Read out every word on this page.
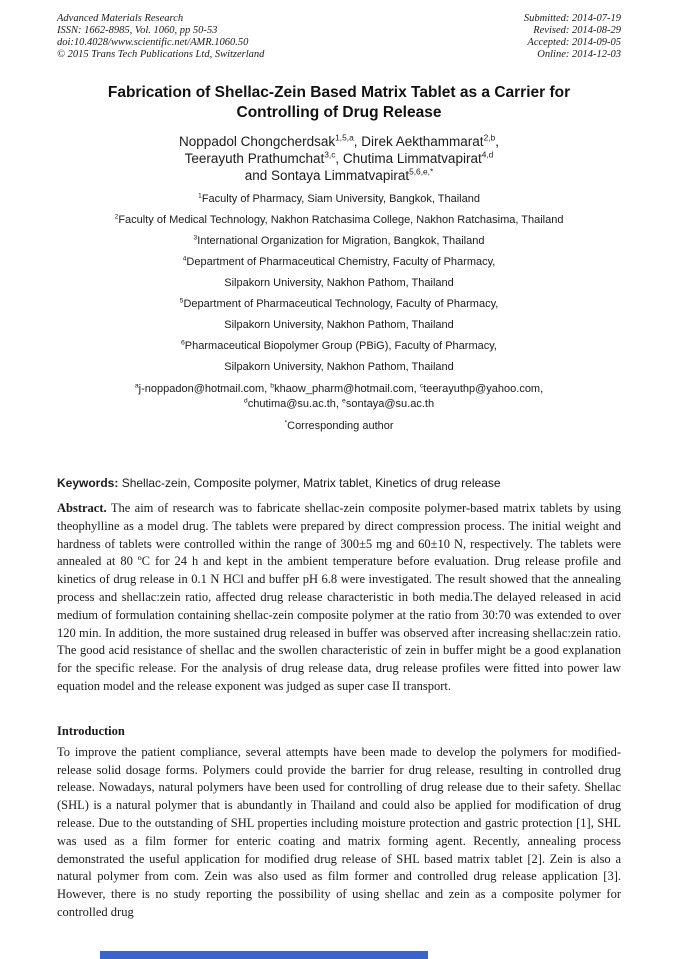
Advanced Materials Research
ISSN: 1662-8985, Vol. 1060, pp 50-53
doi:10.4028/www.scientific.net/AMR.1060.50
© 2015 Trans Tech Publications Ltd, Switzerland
Submitted: 2014-07-19
Revised: 2014-08-29
Accepted: 2014-09-05
Online: 2014-12-03
Fabrication of Shellac-Zein Based Matrix Tablet as a Carrier for
Controlling of Drug Release
Noppadol Chongcherdsak$^{1,5,a}$, Direk Aekthammarat$^{2,b}$,
Teerayuth Prathumchat$^{3,c}$, Chutima Limmatvapirat$^{4,d}$
and Sontaya Limmatvapirat$^{5,6,e,*}$
$^1$Faculty of Pharmacy, Siam University, Bangkok, Thailand
$^2$Faculty of Medical Technology, Nakhon Ratchasima College, Nakhon Ratchasima, Thailand
$^3$International Organization for Migration, Bangkok, Thailand
$^4$Department of Pharmaceutical Chemistry, Faculty of Pharmacy,
Silpakorn University, Nakhon Pathom, Thailand
$^5$Department of Pharmaceutical Technology, Faculty of Pharmacy,
Silpakorn University, Nakhon Pathom, Thailand
$^6$Pharmaceutical Biopolymer Group (PBiG), Faculty of Pharmacy,
Silpakorn University, Nakhon Pathom, Thailand
$^a$j-noppadon@hotmail.com, $^b$khaow_pharm@hotmail.com, $^c$teerayuthp@yahoo.com,
$^d$chutima@su.ac.th, $^e$sontaya@su.ac.th
*Corresponding author

Keywords: Shellac-zein, Composite polymer, Matrix tablet, Kinetics of drug release

Abstract. The aim of research was to fabricate shellac-zein composite polymer-based matrix tablets by using theophylline as a model drug. The tablets were prepared by direct compression process. The initial weight and hardness of tablets were controlled within the range of 300±5 mg and 60±10 N, respectively. The tablets were annealed at 80 ºC for 24 h and kept in the ambient temperature before evaluation. Drug release profile and kinetics of drug release in 0.1 N HCl and buffer pH 6.8 were investigated. The result showed that the annealing process and shellac:zein ratio, affected drug release characteristic in both media.The delayed released in acid medium of formulation containing shellac-zein composite polymer at the ratio from 30:70 was extended to over 120 min. In addition, the more sustained drug released in buffer was observed after increasing shellac:zein ratio. The good acid resistance of shellac and the swollen characteristic of zein in buffer might be a good explanation for the specific release. For the analysis of drug release data, drug release profiles were fitted into power law equation model and the release exponent was judged as super case II transport.

Introduction

To improve the patient compliance, several attempts have been made to develop the polymers for modified-release solid dosage forms. Polymers could provide the barrier for drug release, resulting in controlled drug release. Nowadays, natural polymers have been used for controlling of drug release due to their safety. Shellac (SHL) is a natural polymer that is abundantly in Thailand and could also be applied for modification of drug release. Due to the outstanding of SHL properties including moisture protection and gastric protection [1], SHL was used as a film former for enteric coating and matrix forming agent. Recently, annealing process demonstrated the useful application for modified drug release of SHL based matrix tablet [2]. Zein is also a natural polymer from com. Zein was also used as film former and controlled drug release application [3]. However, there is no study reporting the possibility of using shellac and zein as a composite polymer for controlled drug
